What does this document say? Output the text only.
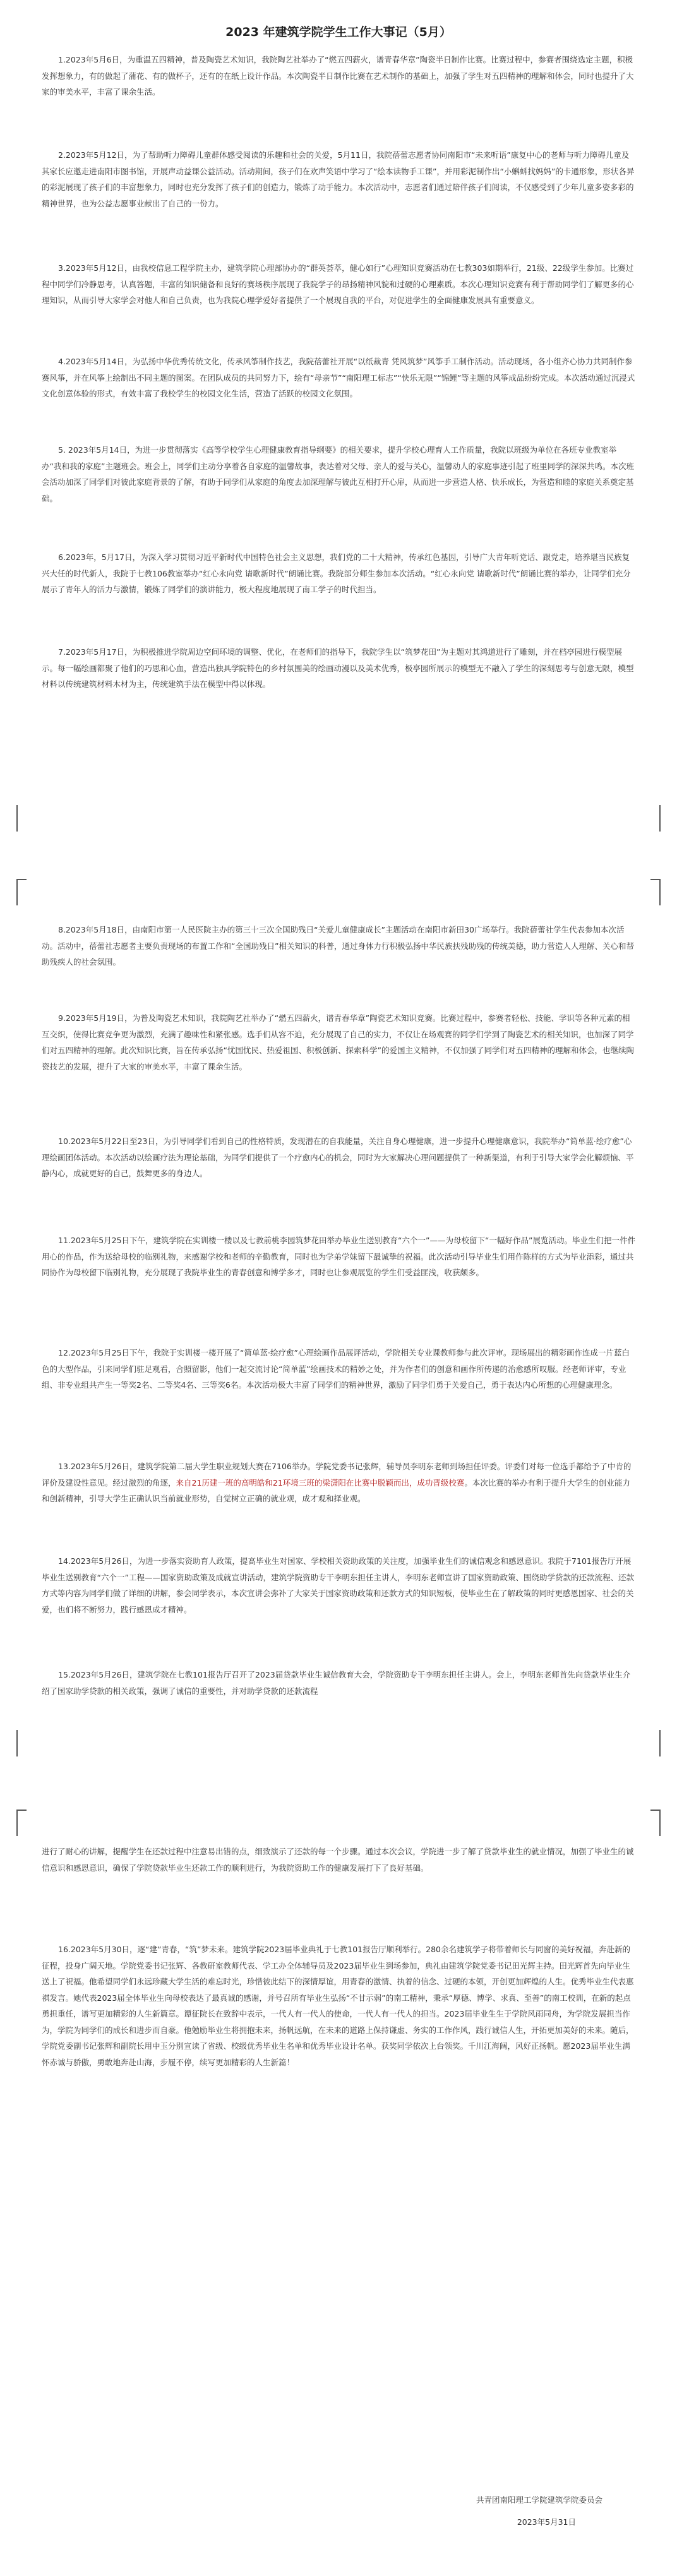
2023 年建筑学院学生工作大事记（5月）

1.2023年5月6日，为重温五四精神，普及陶瓷艺术知识，我院陶艺社举办了“燃五四薪火，谱青春华章”陶瓷半日制作比赛。比赛过程中，参赛者围绕选定主题，积极发挥想象力，有的做起了蒲花、有的做杯子，还有的在纸上设计作品。本次陶瓷半日制作比赛在艺术制作的基础上，加强了学生对五四精神的理解和体会，同时也提升了大家的审美水平，丰富了课余生活。

2.2023年5月12日，为了帮助听力障碍儿童群体感受阅读的乐趣和社会的关爱，5月11日，我院蓓蕾志愿者协同南阳市“未来听语”康复中心的老师与听力障碍儿童及其家长应邀走进南阳市图书馆，开展声动益课公益活动。活动期间，孩子们在欢声笑语中学习了“绘本读物手工课”，并用彩泥制作出“小蝌蚪找妈妈”的卡通形象，形状各异的彩泥展现了孩子们的丰富想象力，同时也充分发挥了孩子们的创造力，锻炼了动手能力。本次活动中，志愿者们通过陪伴孩子们阅读，不仅感受到了少年儿童多姿多彩的精神世界，也为公益志愿事业献出了自己的一份力。

3.2023年5月12日，由我校信息工程学院主办，建筑学院心理部协办的“群英荟萃，健心如行”心理知识竞赛活动在七教303如期举行，21级、22级学生参加。比赛过程中同学们冷静思考，认真答题，丰富的知识储备和良好的赛场秩序展现了我院学子的昂扬精神风貌和过硬的心理素质。本次心理知识竞赛有利于帮助同学们了解更多的心理知识，从而引导大家学会对他人和自己负责，也为我院心理学爱好者提供了一个展现自我的平台，对促进学生的全面健康发展具有重要意义。

4.2023年5月14日，为弘扬中华优秀传统文化，传承风筝制作技艺，我院蓓蕾社开展“以纸裁青 凭风筑梦”风筝手工制作活动。活动现场，各小组齐心协力共同制作参赛风筝，并在风筝上绘制出不同主题的图案。在团队成员的共同努力下，绘有“母亲节”“南阳理工标志”“快乐无限”“锦鲤”等主题的风筝成品纷纷完成。本次活动通过沉浸式文化创意体验的形式，有效丰富了我校学生的校园文化生活，营造了活跃的校园文化氛围。

5. 2023年5月14日，为进一步贯彻落实《高等学校学生心理健康教育指导纲要》的相关要求，提升学校心理育人工作质量，我院以班级为单位在各班专业教室举办“我和我的家庭”主题班会。班会上，同学们主动分享着各自家庭的温馨故事，表达着对父母、亲人的爱与关心，温馨动人的家庭事迹引起了班里同学的深深共鸣。本次班会活动加深了同学们对彼此家庭背景的了解，有助于同学们从家庭的角度去加深理解与彼此互相打开心扉，从而进一步营造人格、快乐成长，为营造和睦的家庭关系奠定基础。

6.2023年，5月17日，为深入学习贯彻习近平新时代中国特色社会主义思想，我们党的二十大精神，传承红色基因，引导广大青年听党话、跟党走，培养堪当民族复兴大任的时代新人，我院于七教106教室举办“红心永向党 请歌新时代”朗诵比赛。我院部分师生参加本次活动。“红心永向党 请歌新时代”朗诵比赛的举办，让同学们充分展示了青年人的活力与激情，锻炼了同学们的演讲能力，极大程度地展现了南工学子的时代担当。

7.2023年5月17日，为积极推进学院周边空间环境的调整、优化，在老师们的指导下，我院学生以“筑梦花田”为主题对其鸿道进行了雕刻，并在档亭园进行模型展示。每一幅绘画都聚了他们的巧思和心血，营造出独具学院特色的乡村氛围美的绘画动漫以及美术优秀，极亭园所展示的模型无不融入了学生的深刻思考与创意无限，模型材料以传统建筑材料木材为主，传统建筑手法在模型中得以体现。

8.2023年5月18日，由南阳市第一人民医院主办的第三十三次全国助残日“关爱儿童健康成长”主题活动在南阳市新田30广场举行。我院蓓蕾社学生代表参加本次活动。活动中，蓓蕾社志愿者主要负责现场的布置工作和“全国助残日”相关知识的科普，通过身体力行积极弘扬中华民族扶残助残的传统美德，助力营造人人理解、关心和帮助残疾人的社会氛围。

9.2023年5月19日，为普及陶瓷艺术知识，我院陶艺社举办了“燃五四薪火，谱青春华章”陶瓷艺术知识竞赛。比赛过程中，参赛者轻松、技能、学识等各种元素的相互交织，使得比赛竞争更为激烈，充满了趣味性和紧张感。选手们从容不迫，充分展现了自己的实力，不仅让在场观赛的同学们学到了陶瓷艺术的相关知识，也加深了同学们对五四精神的理解。此次知识比赛，旨在传承弘扬“忧国忧民、热爱祖国、积极创新、探索科学”的爱国主义精神，不仅加强了同学们对五四精神的理解和体会，也继续陶瓷技艺的发展，提升了大家的审美水平，丰富了课余生活。

10.2023年5月22日至23日，为引导同学们看到自己的性格特质，发现潜在的自我能量，关注自身心理健康，进一步提升心理健康意识，我院举办“简单蓝·绘疗愈”心理绘画团体活动。本次活动以绘画疗法为理论基础，为同学们提供了一个疗愈内心的机会，同时为大家解决心理问题提供了一种新渠道，有利于引导大家学会化解烦恼、平静内心，成就更好的自己，鼓舞更多的身边人。

11.2023年5月25日下午，建筑学院在实训楼一楼以及七教前桃李园筑梦花田举办毕业生送别教育“六个一”——为母校留下“一幅好作品”展览活动。毕业生们把一件件用心的作品，作为送给母校的临别礼物，来感谢学校和老师的辛勤教育，同时也为学弟学妹留下最诚挚的祝福。此次活动引导毕业生们用作陈样的方式为毕业添彩，通过共同协作为母校留下临别礼物，充分展现了我院毕业生的青春创意和博学多才，同时也让参观展览的学生们受益匪浅，收获颇多。

12.2023年5月25日下午，我院于实训楼一楼开展了“简单蓝·绘疗愈”心理绘画作品展评活动，学院相关专业课教师参与此次评审。现场展出的精彩画作连成一片蓝白色的大型作品，引来同学们驻足观看，合照留影，他们一起交流讨论“简单蓝”绘画技术的精妙之处，并为作者们的创意和画作所传递的治愈感所叹服。经老师评审，专业组、非专业组共产生一等奖2名、二等奖4名、三等奖6名。本次活动极大丰富了同学们的精神世界，激励了同学们勇于关爱自己，勇于表达内心所想的心理健康理念。

13.2023年5月26日，建筑学院第二届大学生职业规划大赛在7106举办。学院党委书记张辉，辅导员李明东老师到场担任评委。评委们对每一位选手都给予了中肯的评价及建设性意见。经过激烈的角逐，来自21历建一班的高明皓和21环境三班的梁潇阳在比赛中脱颖而出，成功晋级校赛。本次比赛的举办有利于提升大学生的创业能力和创新精神，引导大学生正确认识当前就业形势，自觉树立正确的就业观，成才观和择业观。

14.2023年5月26日，为进一步落实资助育人政策，提高毕业生对国家、学校相关资助政策的关注度，加强毕业生们的诚信观念和感恩意识。我院于7101报告厅开展毕业生送别教育“六个一”工程——国家资助政策及成就宣讲活动，建筑学院资助专干李明东担任主讲人，李明东老师宣讲了国家资助政策、围绕助学贷款的还款流程、还款方式等内容为同学们做了详细的讲解，参会同学表示，本次宣讲会弥补了大家关于国家资助政策和还款方式的知识短板，使毕业生在了解政策的同时更感恩国家、社会的关爱，也们将不断努力，践行感恩成才精神。

15.2023年5月26日，建筑学院在七教101报告厅召开了2023届贷款毕业生诚信教育大会，学院资助专干李明东担任主讲人。会上，李明东老师首先向贷款毕业生介绍了国家助学贷款的相关政策，强调了诚信的重要性，并对助学贷款的还款流程

进行了耐心的讲解，提醒学生在还款过程中注意易出错的点，细致演示了还款的每一个步骤。通过本次会议，学院进一步了解了贷款毕业生的就业情况，加强了毕业生的诚信意识和感恩意识，确保了学院贷款毕业生还款工作的顺利进行，为我院资助工作的健康发展打下了良好基础。

16.2023年5月30日，逐“建”青春，“筑”梦未来。建筑学院2023届毕业典礼于七教101报告厅顺利举行。280余名建筑学子将带着师长与同窗的美好祝福，奔赴新的征程，投身广阔天地。学院党委书记张辉、各教研室教师代表、学工办全体辅导员及2023届毕业生到场参加，典礼由建筑学院党委书记田光辉主持。田光辉首先向毕业生送上了祝福。他希望同学们永远珍藏大学生活的难忘时光，珍惜彼此结下的深情厚谊，用青春的激情、执着的信念、过硬的本领，开创更加辉煌的人生。优秀毕业生代表惠祺发言。她代表2023届全体毕业生向母校表达了最真诚的感谢，并号召所有毕业生弘扬“不甘示弱”的南工精神，秉承“厚德、博学、求真、至善”的南工校训，在新的起点勇担重任，谱写更加精彩的人生新篇章。谭征院长在致辞中表示，一代人有一代人的使命，一代人有一代人的担当。2023届毕业生生于学院风雨同舟，为学院发展担当作为，学院为同学们的成长和进步而自豪。他勉励毕业生将拥抱未来，扬帆远航，在未来的道路上保持谦虚、务实的工作作风，践行诚信人生，开拓更加美好的未来。随后，学院党委副书记张辉和副院长用中玉分别宣读了省级、校级优秀毕业生名单和优秀毕业设计名单。获奖同学依次上台领奖。千川江海阔，风好正扬帆。愿2023届毕业生满怀赤诚与骄傲，勇敢地奔赴山海，步履不停，续写更加精彩的人生新篇！

共青团南阳理工学院建筑学院委员会
2023年5月31日
